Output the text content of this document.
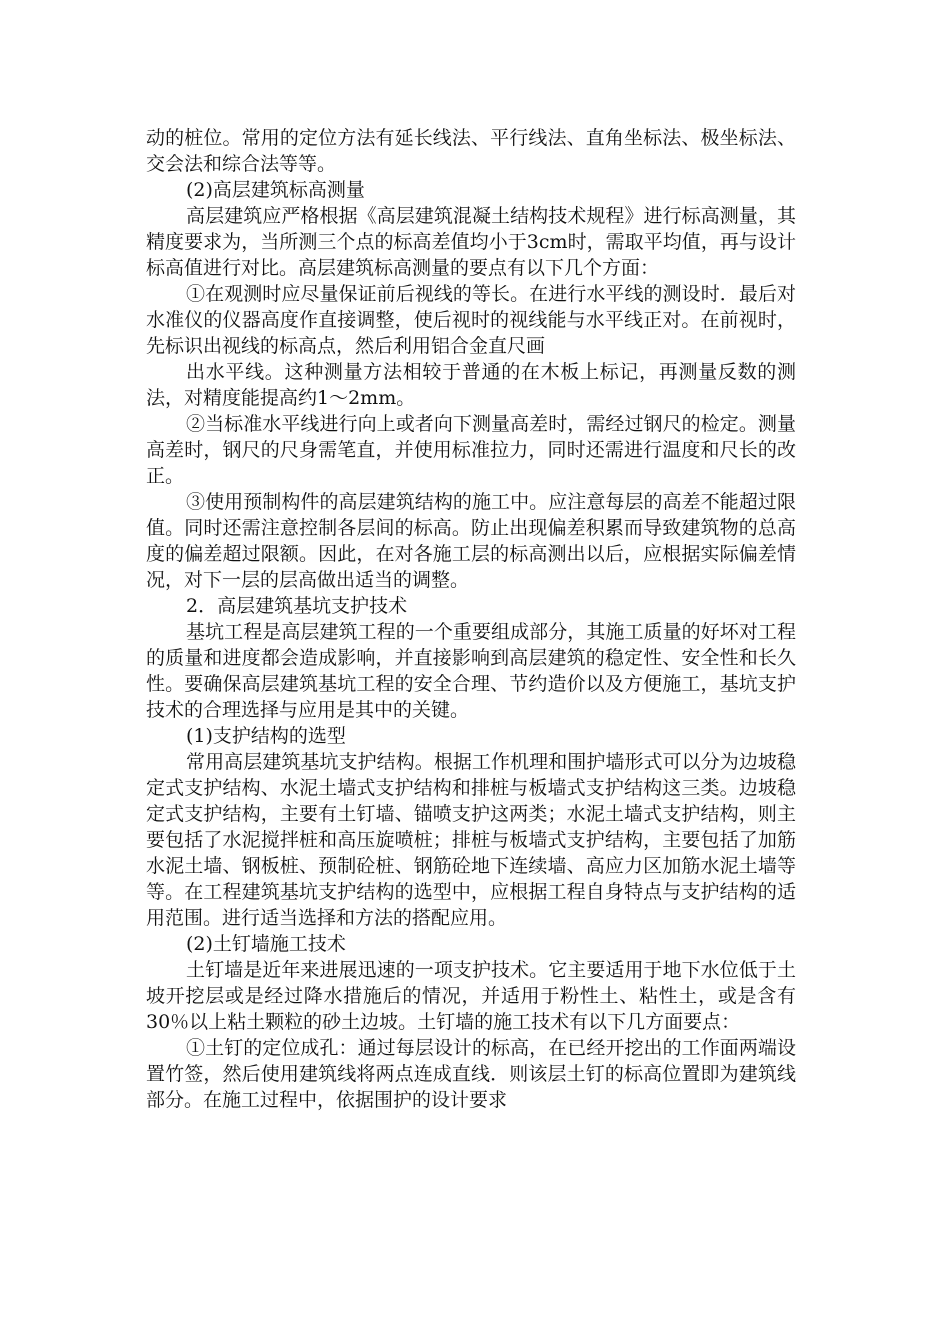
动的桩位。常用的定位方法有延长线法、平行线法、直角坐标法、极坐标法、交会法和综合法等等。

(2)高层建筑标高测量

高层建筑应严格根据《高层建筑混凝土结构技术规程》进行标高测量，其精度要求为，当所测三个点的标高差值均小于3cm时，需取平均值，再与设计标高值进行对比。高层建筑标高测量的要点有以下几个方面：

①在观测时应尽量保证前后视线的等长。在进行水平线的测设时．最后对水准仪的仪器高度作直接调整，使后视时的视线能与水平线正对。在前视时，先标识出视线的标高点，然后利用铝合金直尺画

出水平线。这种测量方法相较于普通的在木板上标记，再测量反数的测法，对精度能提高约1～2mm。

②当标准水平线进行向上或者向下测量高差时，需经过钢尺的检定。测量高差时，钢尺的尺身需笔直，并使用标准拉力，同时还需进行温度和尺长的改正。

③使用预制构件的高层建筑结构的施工中。应注意每层的高差不能超过限值。同时还需注意控制各层间的标高。防止出现偏差积累而导致建筑物的总高度的偏差超过限额。因此，在对各施工层的标高测出以后，应根据实际偏差情况，对下一层的层高做出适当的调整。

2．高层建筑基坑支护技术

基坑工程是高层建筑工程的一个重要组成部分，其施工质量的好坏对工程的质量和进度都会造成影响，并直接影响到高层建筑的稳定性、安全性和长久性。要确保高层建筑基坑工程的安全合理、节约造价以及方便施工，基坑支护技术的合理选择与应用是其中的关键。

(1)支护结构的选型

常用高层建筑基坑支护结构。根据工作机理和围护墙形式可以分为边坡稳定式支护结构、水泥土墙式支护结构和排桩与板墙式支护结构这三类。边坡稳定式支护结构，主要有土钉墙、锚喷支护这两类；水泥土墙式支护结构，则主要包括了水泥搅拌桩和高压旋喷桩；排桩与板墙式支护结构，主要包括了加筋水泥土墙、钢板桩、预制砼桩、钢筋砼地下连续墙、高应力区加筋水泥土墙等等。在工程建筑基坑支护结构的选型中，应根据工程自身特点与支护结构的适用范围。进行适当选择和方法的搭配应用。

(2)土钉墙施工技术

土钉墙是近年来进展迅速的一项支护技术。它主要适用于地下水位低于土坡开挖层或是经过降水措施后的情况，并适用于粉性土、粘性土，或是含有30％以上粘土颗粒的砂土边坡。土钉墙的施工技术有以下几方面要点：

①土钉的定位成孔：通过每层设计的标高，在已经开挖出的工作面两端设置竹签，然后使用建筑线将两点连成直线．则该层土钉的标高位置即为建筑线部分。在施工过程中，依据围护的设计要求
